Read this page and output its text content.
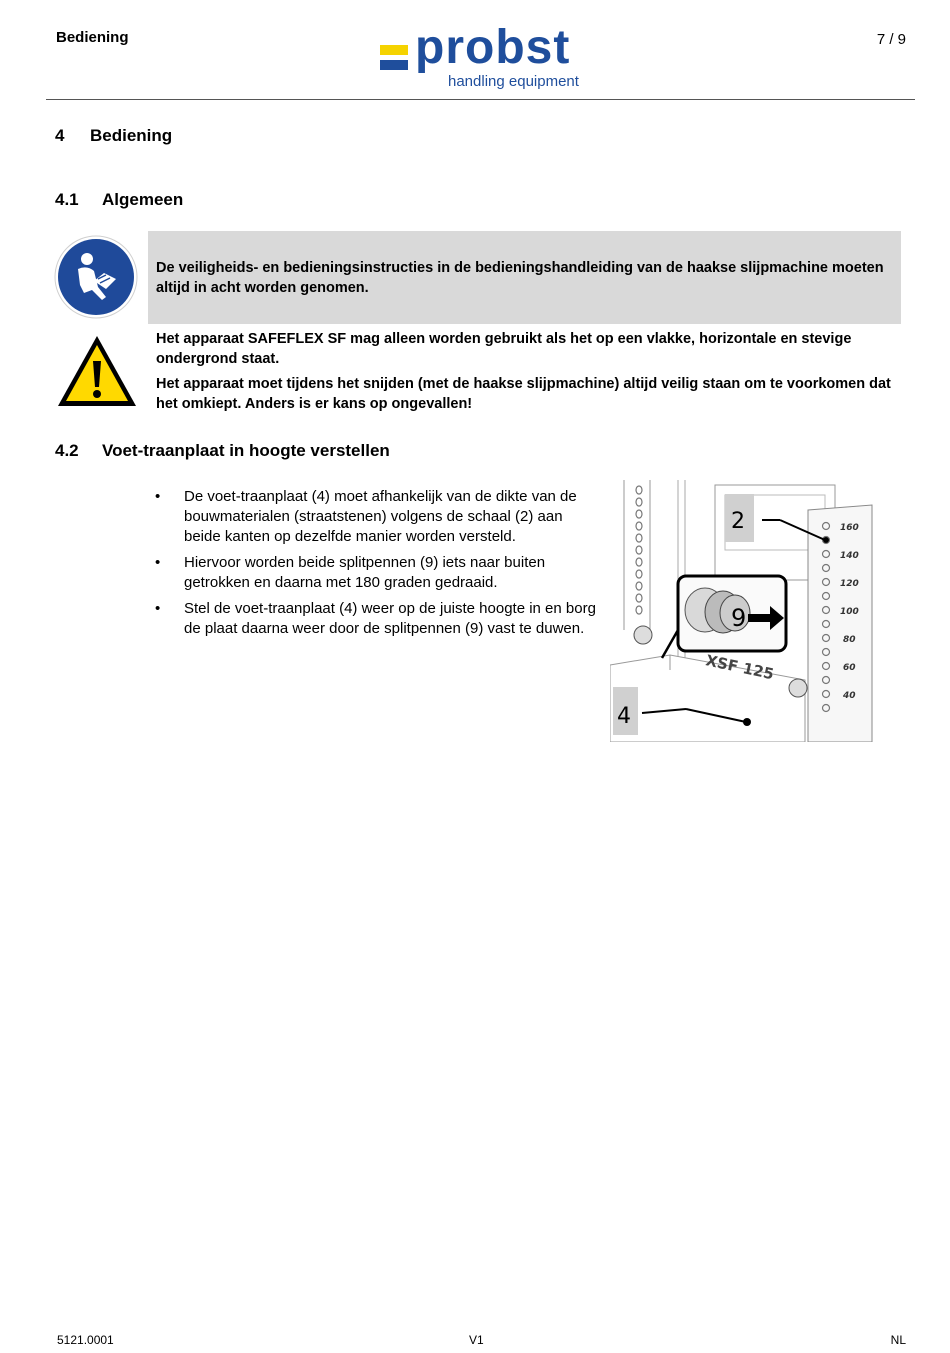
Bediening	7 / 9
probst
handling equipment
4 Bediening
4.1 Algemeen
De veiligheids- en bedieningsinstructies in de bedieningshandleiding van de haakse slijpmachine moeten altijd in acht worden genomen.
Het apparaat SAFEFLEX SF mag alleen worden gebruikt als het op een vlakke, horizontale en stevige ondergrond staat.
Het apparaat moet tijdens het snijden (met de haakse slijpmachine) altijd veilig staan om te voorkomen dat het omkiept. Anders is er kans op ongevallen!
4.2 Voet-traanplaat in hoogte verstellen
• De voet-traanplaat (4) moet afhankelijk van de dikte van de bouwmaterialen (straatstenen) volgens de schaal (2) aan beide kanten op dezelfde manier worden versteld.
• Hiervoor worden beide splitpennen (9) iets naar buiten getrokken en daarna met 180 graden gedraaid.
• Stel de voet-traanplaat (4) weer op de juiste hoogte in en borg de plaat daarna weer door de splitpennen (9) vast te duwen.
160
140
120
100
80
60
40
XSF 125
9
2
4
5121.0001	V1	NL
